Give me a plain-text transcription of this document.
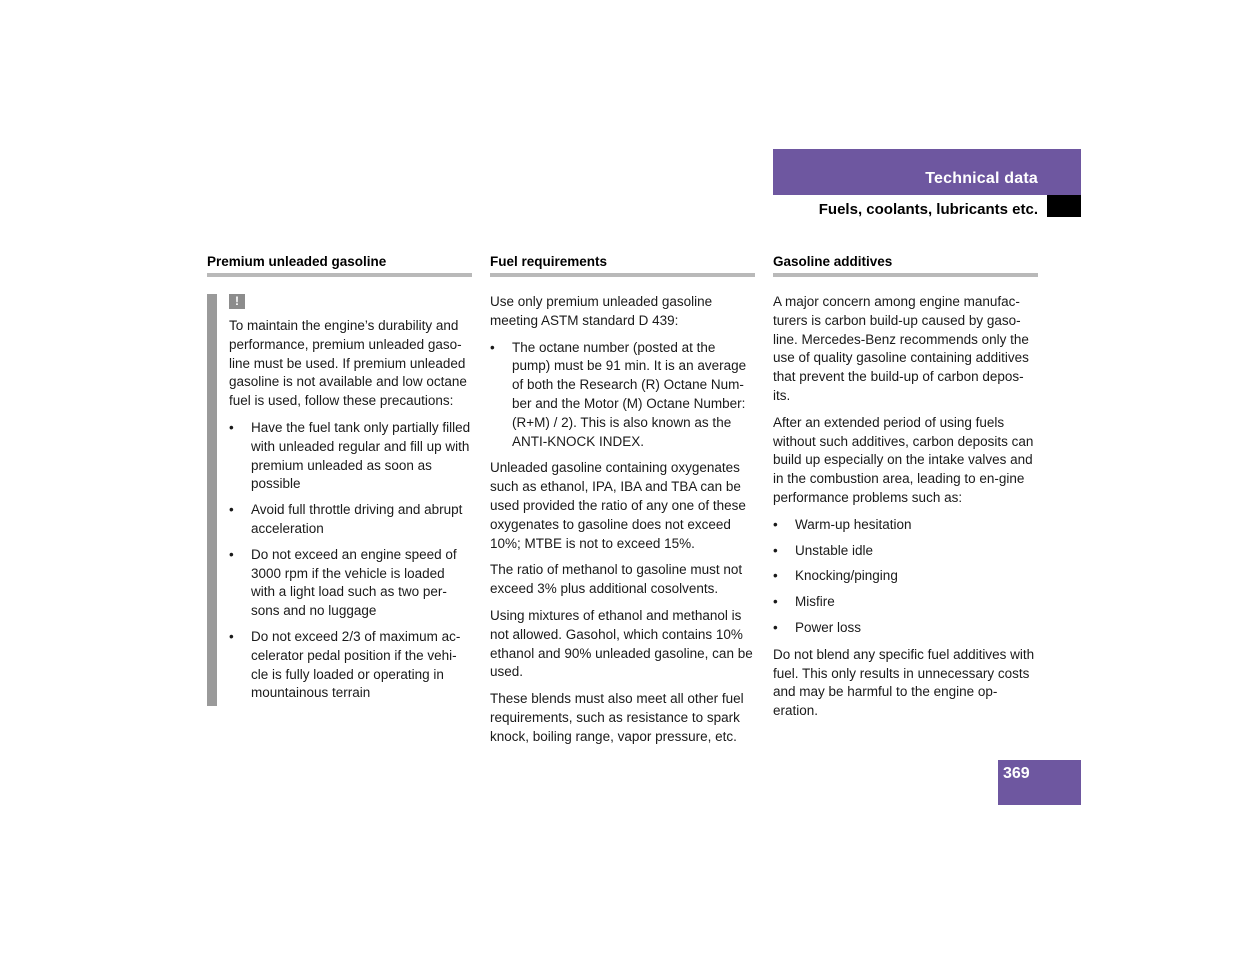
Technical data
Fuels, coolants, lubricants etc.
Premium unleaded gasoline
!

To maintain the engine’s durability and performance, premium unleaded gaso-line must be used. If premium unleaded gasoline is not available and low octane fuel is used, follow these precautions:

• Have the fuel tank only partially filled with unleaded regular and fill up with premium unleaded as soon as possible
• Avoid full throttle driving and abrupt acceleration
• Do not exceed an engine speed of 3000 rpm if the vehicle is loaded with a light load such as two per-sons and no luggage
• Do not exceed 2/3 of maximum ac-celerator pedal position if the vehi-cle is fully loaded or operating in mountainous terrain
Fuel requirements

Use only premium unleaded gasoline meeting ASTM standard D 439:

• The octane number (posted at the pump) must be 91 min. It is an average of both the Research (R) Octane Num-ber and the Motor (M) Octane Number: (R+M) / 2). This is also known as the ANTI-KNOCK INDEX.

Unleaded gasoline containing oxygenates such as ethanol, IPA, IBA and TBA can be used provided the ratio of any one of these oxygenates to gasoline does not exceed 10%; MTBE is not to exceed 15%.

The ratio of methanol to gasoline must not exceed 3% plus additional cosolvents.

Using mixtures of ethanol and methanol is not allowed. Gasohol, which contains 10% ethanol and 90% unleaded gasoline, can be used.

These blends must also meet all other fuel requirements, such as resistance to spark knock, boiling range, vapor pressure, etc.

Gasoline additives

A major concern among engine manufac-turers is carbon build-up caused by gaso-line. Mercedes-Benz recommends only the use of quality gasoline containing additives that prevent the build-up of carbon depos-its.

After an extended period of using fuels without such additives, carbon deposits can build up especially on the intake valves and in the combustion area, leading to en-gine performance problems such as:

• Warm-up hesitation
• Unstable idle
• Knocking/pinging
• Misfire
• Power loss

Do not blend any specific fuel additives with fuel. This only results in unnecessary costs and may be harmful to the engine op-eration.

369
